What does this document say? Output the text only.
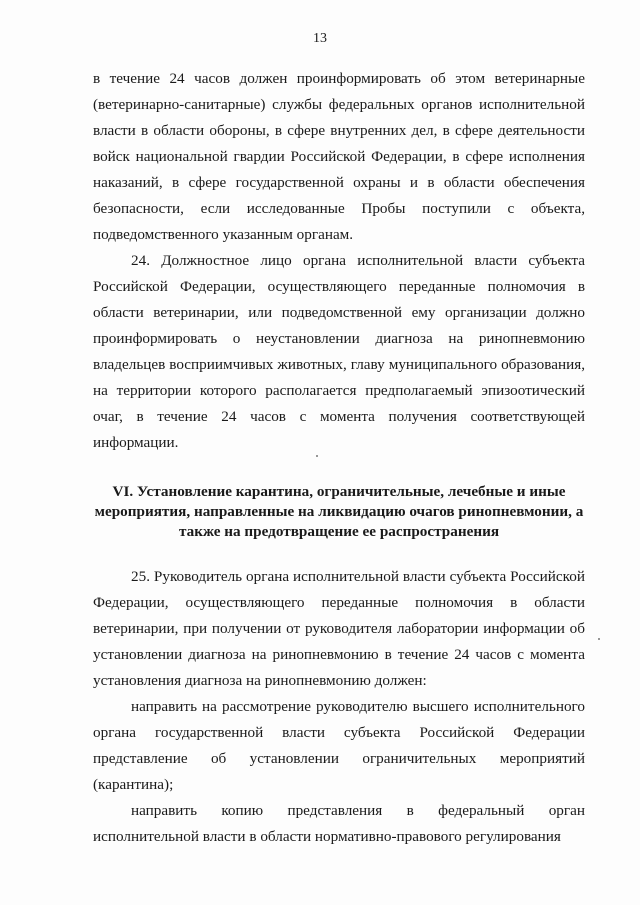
13

в течение 24 часов должен проинформировать об этом ветеринарные (ветеринарно-санитарные) службы федеральных органов исполнительной власти в области обороны, в сфере внутренних дел, в сфере деятельности войск национальной гвардии Российской Федерации, в сфере исполнения наказаний, в сфере государственной охраны и в области обеспечения безопасности, если исследованные Пробы поступили с объекта, подведомственного указанным органам.

24. Должностное лицо органа исполнительной власти субъекта Российской Федерации, осуществляющего переданные полномочия в области ветеринарии, или подведомственной ему организации должно проинформировать о неустановлении диагноза на ринопневмонию владельцев восприимчивых животных, главу муниципального образования, на территории которого располагается предполагаемый эпизоотический очаг, в течение 24 часов с момента получения соответствующей информации.

VI. Установление карантина, ограничительные, лечебные и иные мероприятия, направленные на ликвидацию очагов ринопневмонии, а также на предотвращение ее распространения

25. Руководитель органа исполнительной власти субъекта Российской Федерации, осуществляющего переданные полномочия в области ветеринарии, при получении от руководителя лаборатории информации об установлении диагноза на ринопневмонию в течение 24 часов с момента установления диагноза на ринопневмонию должен:

направить на рассмотрение руководителю высшего исполнительного органа государственной власти субъекта Российской Федерации представление об установлении ограничительных мероприятий (карантина);

направить копию представления в федеральный орган исполнительной власти в области нормативно-правового регулирования
